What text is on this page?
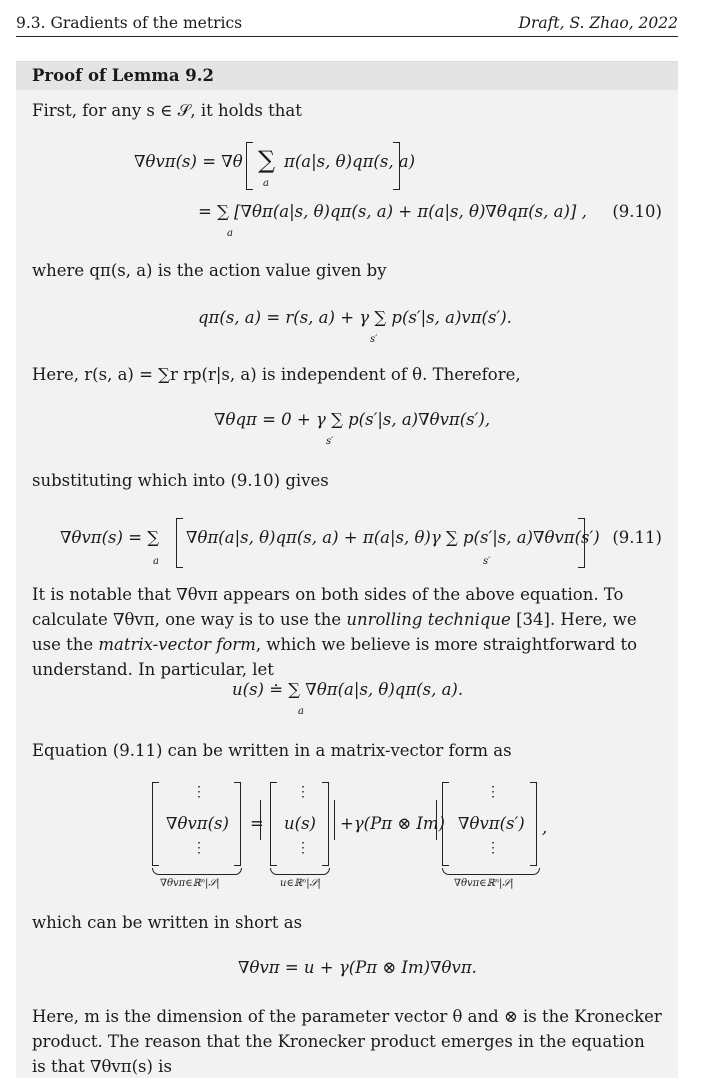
9.3. Gradients of the metrics	Draft, S. Zhao, 2022
Proof of Lemma 9.2
First, for any s ∈ 𝒮, it holds that
∇θvπ(s) = ∇θ ∑
a
π(a|s, θ)qπ(s, a)
= ∑ [∇θπ(a|s, θ)qπ(s, a) + π(a|s, θ)∇θqπ(s, a)] ,
a
(9.10)
where qπ(s, a) is the action value given by
qπ(s, a) = r(s, a) + γ ∑ p(s′|s, a)vπ(s′).
s′
Here, r(s, a) = ∑r rp(r|s, a) is independent of θ. Therefore,
∇θqπ = 0 + γ ∑ p(s′|s, a)∇θvπ(s′),
s′
substituting which into (9.10) gives
∇θvπ(s) = ∑
a
∇θπ(a|s, θ)qπ(s, a) + π(a|s, θ)γ ∑ p(s′|s, a)∇θvπ(s′)
s′
(9.11)
It is notable that ∇θvπ appears on both sides of the above equation. To calculate ∇θvπ, one way is to use the unrolling technique [34]. Here, we use the matrix-vector form, which we believe is more straightforward to understand. In particular, let
u(s) ≐ ∑ ∇θπ(a|s, θ)qπ(s, a).
a
Equation (9.11) can be written in a matrix-vector form as
⋮
∇θvπ(s)
⋮
∇θvπ∈ℝⁿ|𝒮|
=
⋮
u(s)
⋮
u∈ℝⁿ|𝒮|
+γ(Pπ ⊗ Im)
⋮
∇θvπ(s′)
⋮
,
∇θvπ∈ℝⁿ|𝒮|
which can be written in short as
∇θvπ = u + γ(Pπ ⊗ Im)∇θvπ.
Here, m is the dimension of the parameter vector θ and ⊗ is the Kronecker product. The reason that the Kronecker product emerges in the equation is that ∇θvπ(s) is
